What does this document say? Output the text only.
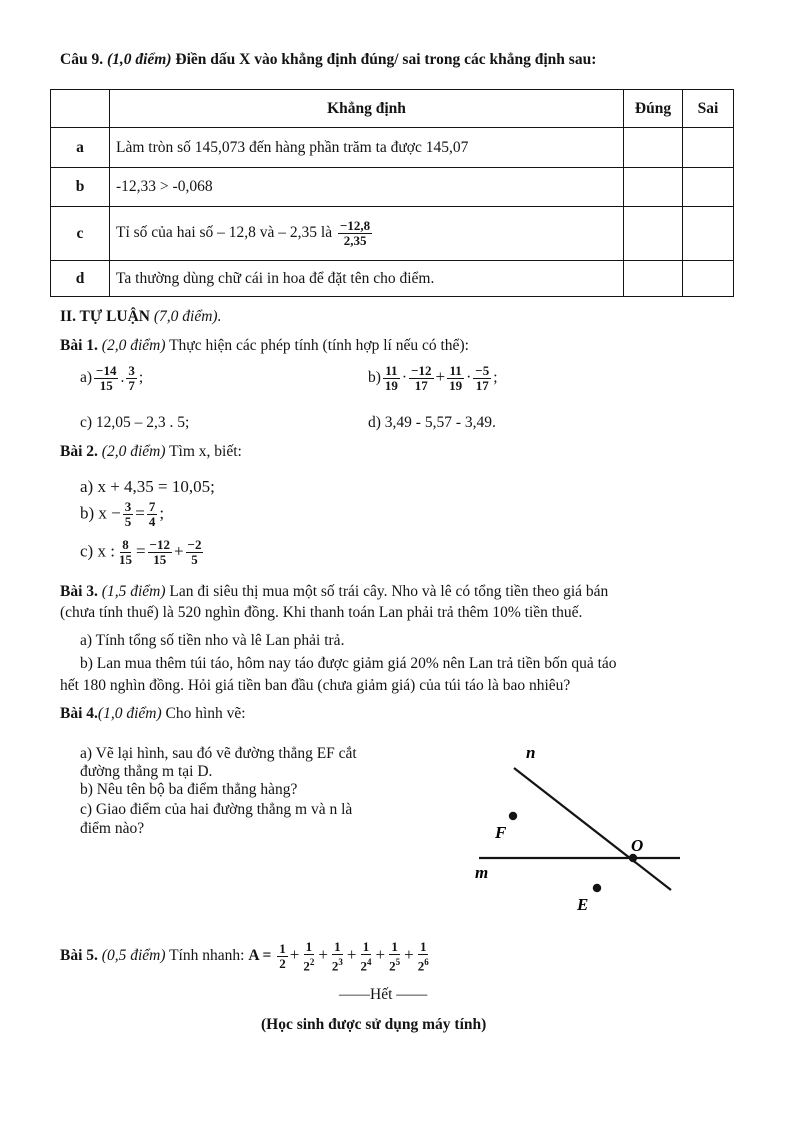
Câu 9. (1,0 điểm) Điền dấu X vào khẳng định đúng/ sai trong các khẳng định sau:
	Khẳng định	Đúng	Sai
a	Làm tròn số 145,073 đến hàng phần trăm ta được 145,07		
b	-12,33 > -0,068		
c	Tỉ số của hai số – 12,8 và – 2,35 là $\frac{-12,8}{2,35}$

d	Ta thường dùng chữ cái in hoa để đặt tên cho điểm.		
II. TỰ LUẬN (7,0 điểm).
Bài 1. (2,0 điểm) Thực hiện các phép tính (tính hợp lí nếu có thể):
$a) \frac{-14}{15}$ . $\frac{3}{7}$ ;	$b) \frac{11}{19} \cdot \frac{-12}{17} + \frac{11}{19} \cdot \frac{-5}{17}$ ;
c) 12,05 – 2,3 . 5;	d) 3,49 - 5,57 - 3,49.
Bài 2. (2,0 điểm) Tìm x, biết:
a) x + 4,35 = 10,05;
b) $x - \frac{3}{5} = \frac{7}{4}$ ;
c) x : $\frac{8}{15} = \frac{-12}{15} + \frac{-2}{5}$
Bài 3. (1,5 điểm) Lan đi siêu thị mua một số trái cây. Nho và lê có tổng tiền theo giá bán
(chưa tính thuế) là 520 nghìn đồng. Khi thanh toán Lan phải trả thêm 10% tiền thuế.
a) Tính tổng số tiền nho và lê Lan phải trả.
b) Lan mua thêm túi táo, hôm nay táo được giảm giá 20% nên Lan trả tiền bốn quả táo
hết 180 nghìn đồng. Hỏi giá tiền ban đầu (chưa giảm giá) của túi táo là bao nhiêu?
Bài 4.(1,0 điểm) Cho hình vẽ:
a) Vẽ lại hình, sau đó vẽ đường thẳng EF cắt
đường thẳng m tại D.
b) Nêu tên bộ ba điểm thẳng hàng?
c) Giao điểm của hai đường thẳng m và n là
điểm nào?
n
F
O
m
E
Bài 5. (0,5 điểm) Tính nhanh: $A = \frac{1}{2} + \frac{1}{2^2} + \frac{1}{2^3} + \frac{1}{2^4} + \frac{1}{2^5} + \frac{1}{2^6}$
——Hết ——
(Học sinh được sử dụng máy tính)
